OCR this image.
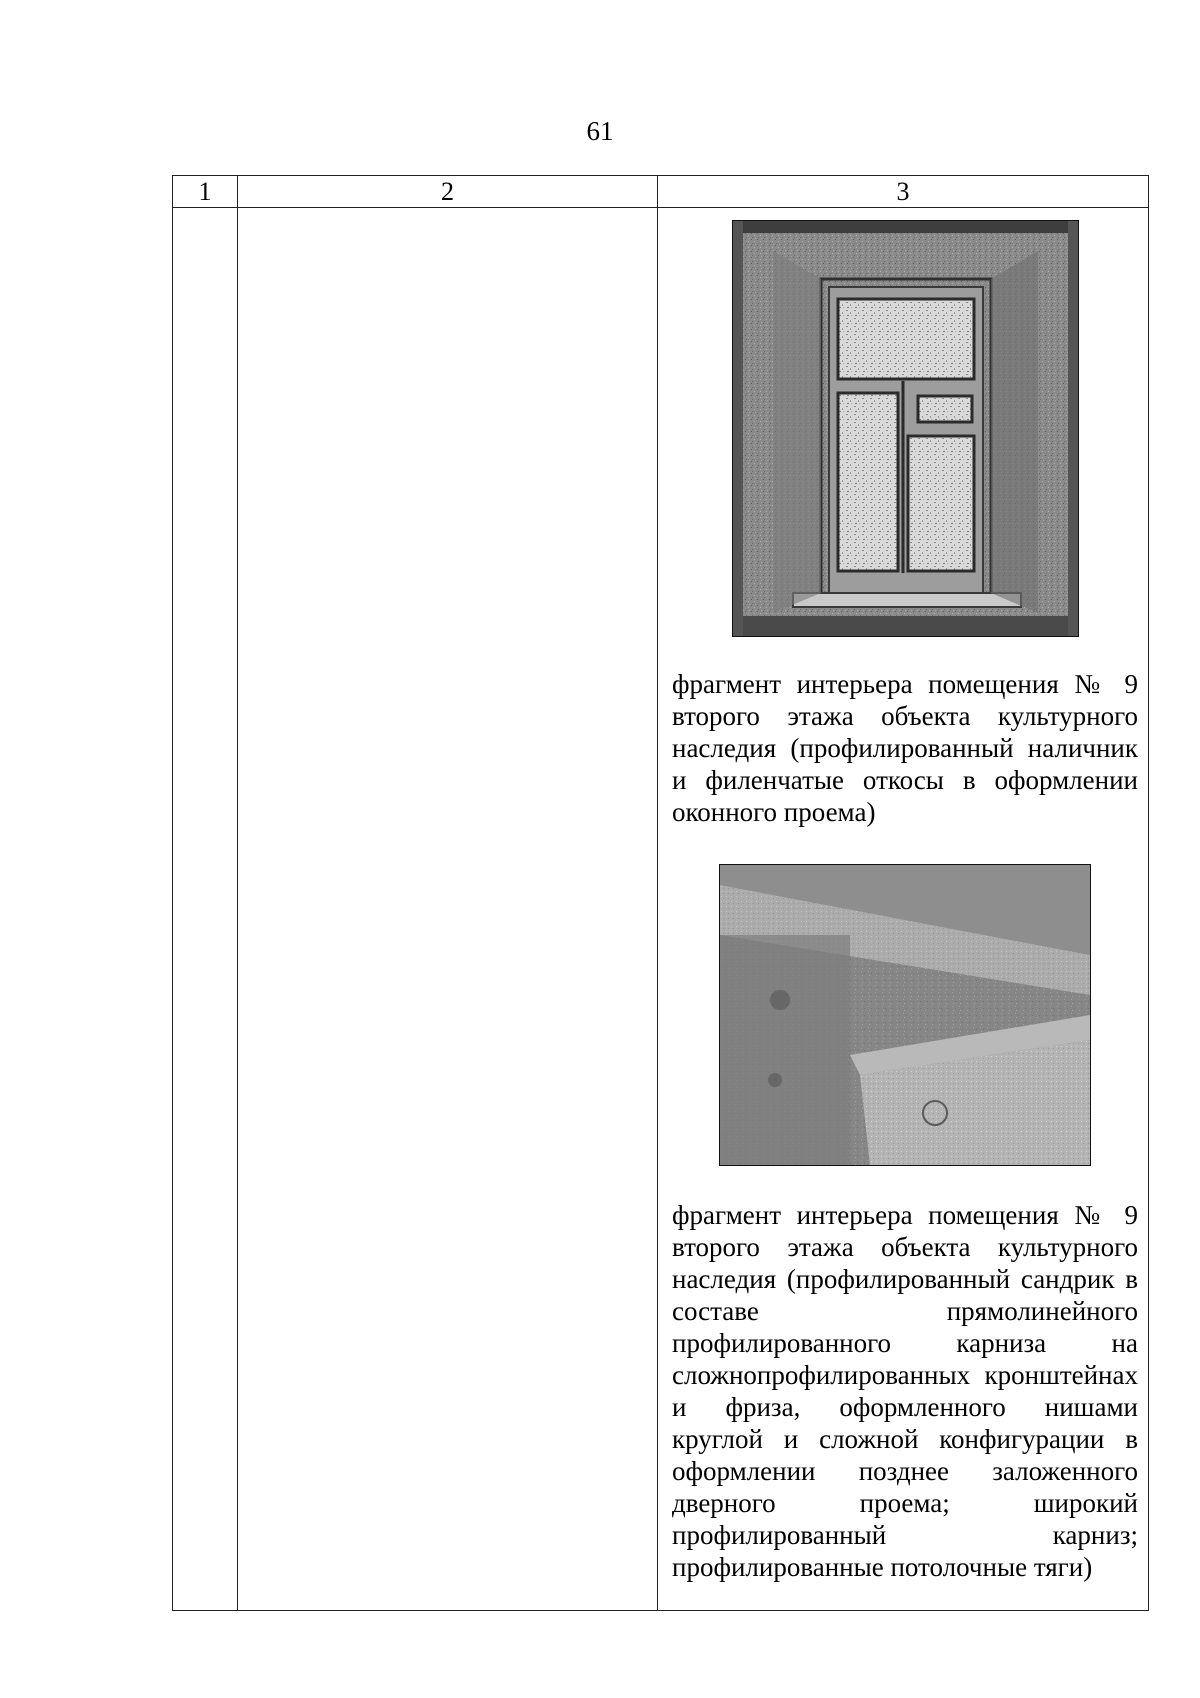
61
1	2	3

		фрагмент интерьера помещения № 9 второго этажа объекта культурного наследия (профилированный наличник и филенчатые откосы в оформлении оконного проема)

фрагмент интерьера помещения № 9 второго этажа объекта культурного наследия (профилированный сандрик в составе прямолинейного профилированного карниза на сложнопрофилированных кронштейнах и фриза, оформленного нишами круглой и сложной конфигурации в оформлении позднее заложенного дверного проема; широкий профилированный карниз; профилированные потолочные тяги)
